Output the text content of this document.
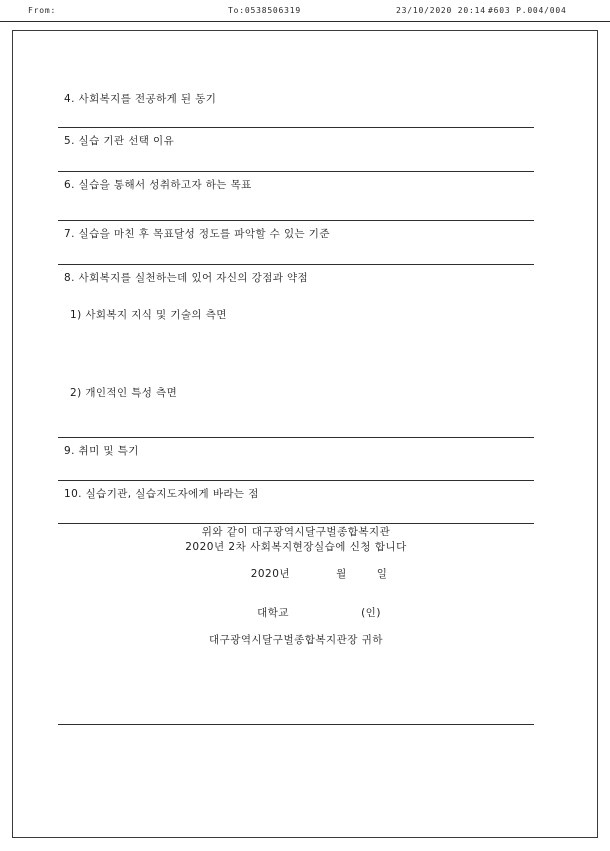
From:	To:0538506319	23/10/2020 20:14 #603 P.004/004
4. 사회복지를 전공하게 된 동기

5. 실습 기관 선택 이유

6. 실습을 통해서 성취하고자 하는 목표

7. 실습을 마친 후 목표달성 정도를 파악할 수 있는 기준

8. 사회복지를 실천하는데 있어 자신의 강점과 약점
1) 사회복지 지식 및 기술의 측면
2) 개인적인 특성 측면

9. 취미 및 특기

10. 실습기관, 실습지도자에게 바라는 점

위와 같이 대구광역시달구벌종합복지관
2020년 2차 사회복지현장실습에 신청 합니다

2020년	월	일

대학교	(인)

대구광역시달구벌종합복지관장 귀하
